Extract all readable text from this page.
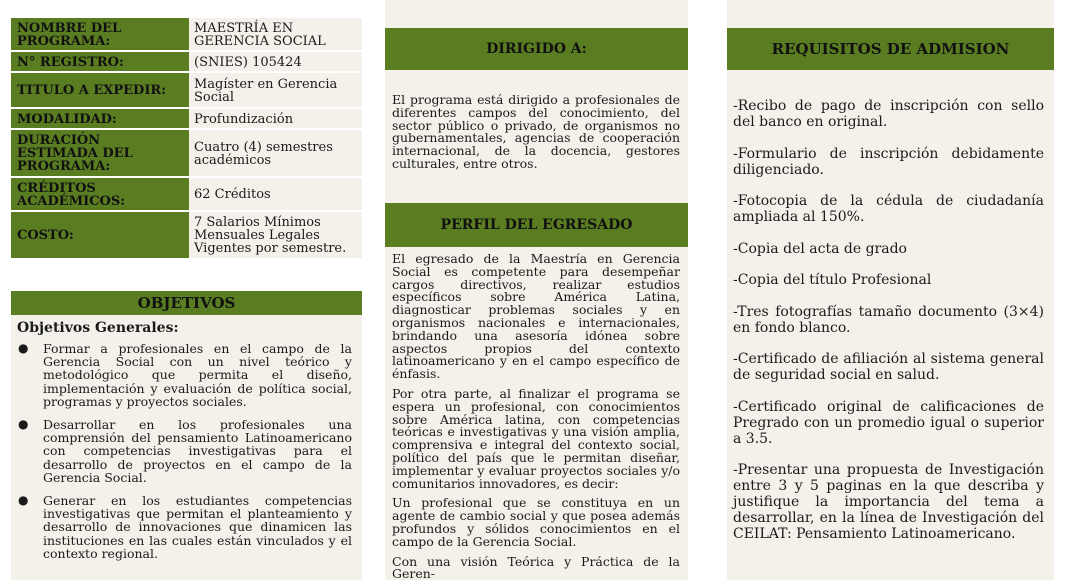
NOMBRE DEL PROGRAMA:
MAESTRÍA EN GERENCIA SOCIAL
N° REGISTRO:	(SNIES) 105424
TITULO A EXPEDIR:	Magíster en Gerencia Social
MODALIDAD:	Profundización
DURACIÓN ESTIMADA DEL PROGRAMA:
Cuatro (4) semestres académicos
CRÉDITOS ACADÉMICOS:	62 Créditos
COSTO:
7 Salarios Mínimos Mensuales Legales Vigentes por semestre.
OBJETIVOS
Objetivos Generales:
● Formar a profesionales en el campo de la Gerencia Social con un nivel teórico y metodológico que permita el diseño, implementación y evaluación de política social, programas y proyectos sociales.
● Desarrollar en los profesionales una comprensión del pensamiento Latinoamericano con competencias investigativas para el desarrollo de proyectos en el campo de la Gerencia Social.
● Generar en los estudiantes competencias investigativas que permitan el planteamiento y desarrollo de innovaciones que dinamicen las instituciones en las cuales están vinculados y el contexto regional.
DIRIGIDO A:

El programa está dirigido a profesionales de diferentes campos del conocimiento, del sector público o privado, de organismos no gubernamentales, agencias de cooperación internacional, de la docencia, gestores culturales, entre otros.

PERFIL DEL EGRESADO

El egresado de la Maestría en Gerencia Social es competente para desempeñar cargos directivos, realizar estudios específicos sobre América Latina, diagnosticar problemas sociales y en organismos nacionales e internacionales, brindando una asesoría idónea sobre aspectos propios del contexto latinoamericano y en el campo específico de énfasis.

Por otra parte, al finalizar el programa se espera un profesional, con conocimientos sobre América latina, con competencias teóricas e investigativas y una visión amplia, comprensiva e integral del contexto social, político del país que le permitan diseñar, implementar y evaluar proyectos sociales y/o comunitarios innovadores, es decir:

Un profesional que se constituya en un agente de cambio social y que posea además profundos y sólidos conocimientos en el campo de la Gerencia Social.

Con una visión Teórica y Práctica de la Geren-

REQUISITOS DE ADMISION

-Recibo de pago de inscripción con sello del banco en original.

-Formulario de inscripción debidamente diligenciado.

-Fotocopia de la cédula de ciudadanía ampliada al 150%.

-Copia del acta de grado

-Copia del título Profesional

-Tres fotografías tamaño documento (3×4) en fondo blanco.

-Certificado de afiliación al sistema general de seguridad social en salud.

-Certificado original de calificaciones de Pregrado con un promedio igual o superior a 3.5.

-Presentar una propuesta de Investigación entre 3 y 5 paginas en la que describa y justifique la importancia del tema a desarrollar, en la línea de Investigación del CEILAT: Pensamiento Latinoamericano.
